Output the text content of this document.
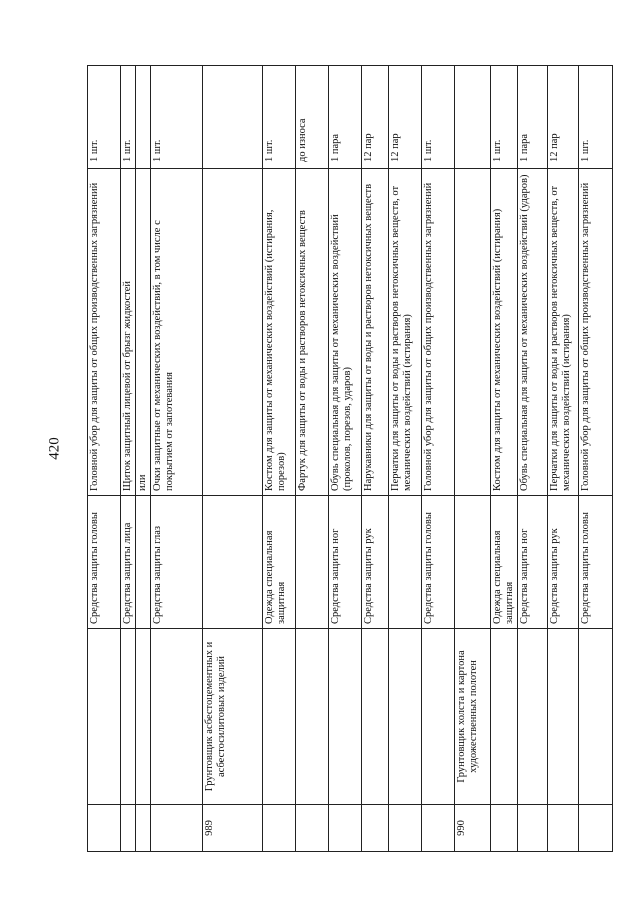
420
		Средства защиты головы	Головной убор для защиты от общих производственных загрязнений	1 шт.
		Средства защиты лица	Щиток защитный лицевой от брызг жидкостей	1 шт.
			или	
		Средства защиты глаз	Очки защитные от механических воздействий, в том числе с покрытием от запотевания	1 шт.
989	Грунтовщик асбестоцементных и асбестосилитовых изделий			
		Одежда специальная защитная	Костюм для защиты от механических воздействий (истирания, порезов)	1 шт.
			Фартук для защиты от воды и растворов нетоксичных веществ	до износа
		Средства защиты ног	Обувь специальная для защиты от механических воздействий (проколов, порезов, ударов)	1 пара
		Средства защиты рук	Нарукавники для защиты от воды и растворов нетоксичных веществ	12 пар
			Перчатки для защиты от воды и растворов нетоксичных веществ, от механических воздействий (истирания)	12 пар
		Средства защиты головы	Головной убор для защиты от общих производственных загрязнений	1 шт.
990	Грунтовщик холста и картона художественных полотен			
		Одежда специальная защитная	Костюм для защиты от механических воздействий (истирания)	1 шт.
		Средства защиты ног	Обувь специальная для защиты от механических воздействий (ударов)	1 пара
		Средства защиты рук	Перчатки для защиты от воды и растворов нетоксичных веществ, от механических воздействий (истирания)	12 пар
		Средства защиты головы	Головной убор для защиты от общих производственных загрязнений	1 шт.
